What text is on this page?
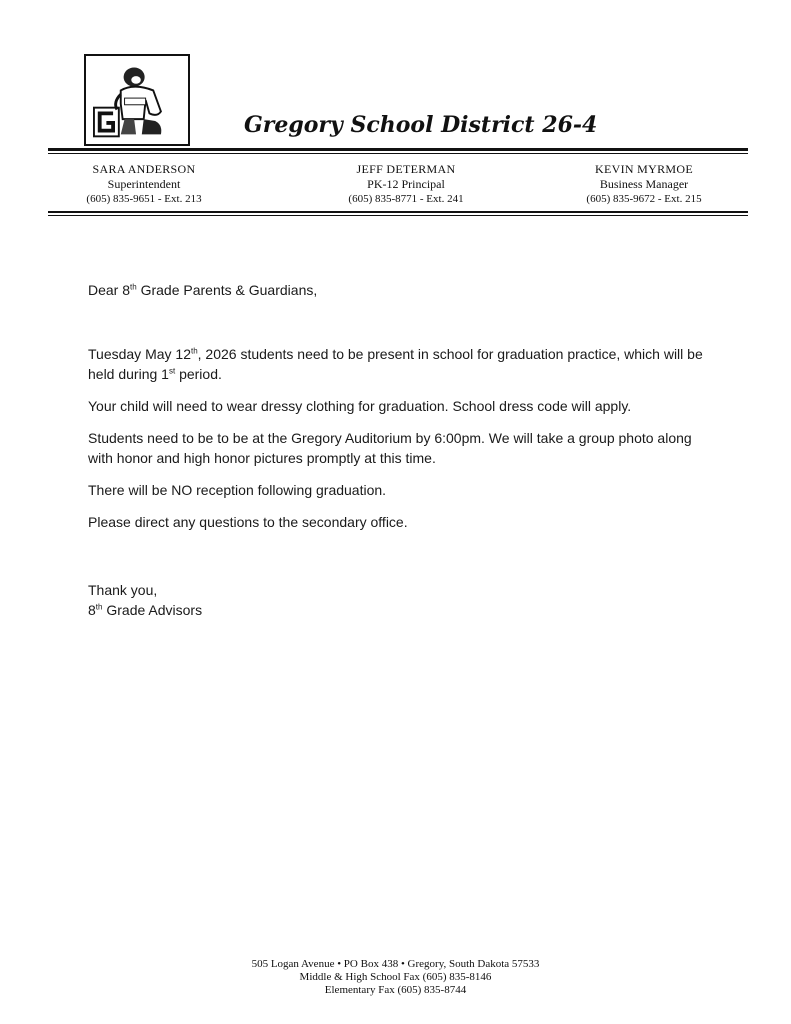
Gregory School District 26-4
SARA ANDERSON
Superintendent
(605) 835-9651 - Ext. 213
JEFF DETERMAN
PK-12 Principal
(605) 835-8771 - Ext. 241
KEVIN MYRMOE
Business Manager
(605) 835-9672 - Ext. 215

Dear 8th Grade Parents & Guardians,

Tuesday May 12th, 2026 students need to be present in school for graduation practice, which will be held during 1st period.

Your child will need to wear dressy clothing for graduation. School dress code will apply.

Students need to be to be at the Gregory Auditorium by 6:00pm. We will take a group photo along with honor and high honor pictures promptly at this time.

There will be NO reception following graduation.

Please direct any questions to the secondary office.

Thank you,

8th Grade Advisors

505 Logan Avenue • PO Box 438 • Gregory, South Dakota 57533
Middle & High School Fax (605) 835-8146
Elementary Fax (605) 835-8744
